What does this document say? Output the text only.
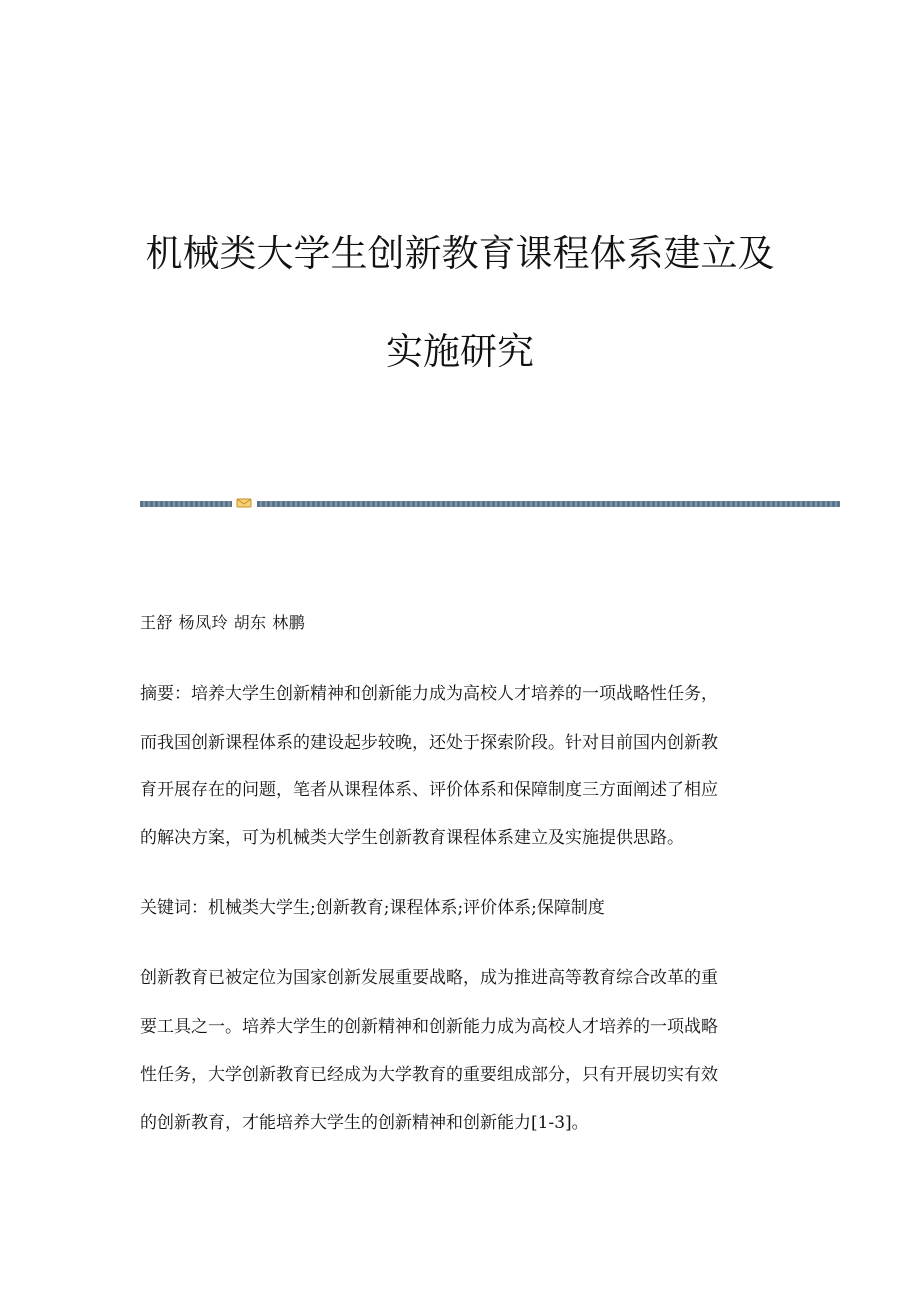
机械类大学生创新教育课程体系建立及
实施研究
王舒 杨凤玲 胡东 林鹏
摘要：培养大学生创新精神和创新能力成为高校人才培养的一项战略性任务，
而我国创新课程体系的建设起步较晚，还处于探索阶段。针对目前国内创新教
育开展存在的问题，笔者从课程体系、评价体系和保障制度三方面阐述了相应
的解决方案，可为机械类大学生创新教育课程体系建立及实施提供思路。
关键词：机械类大学生;创新教育;课程体系;评价体系;保障制度
创新教育已被定位为国家创新发展重要战略，成为推进高等教育综合改革的重
要工具之一。培养大学生的创新精神和创新能力成为高校人才培养的一项战略
性任务，大学创新教育已经成为大学教育的重要组成部分，只有开展切实有效
的创新教育，才能培养大学生的创新精神和创新能力[1-3]。
